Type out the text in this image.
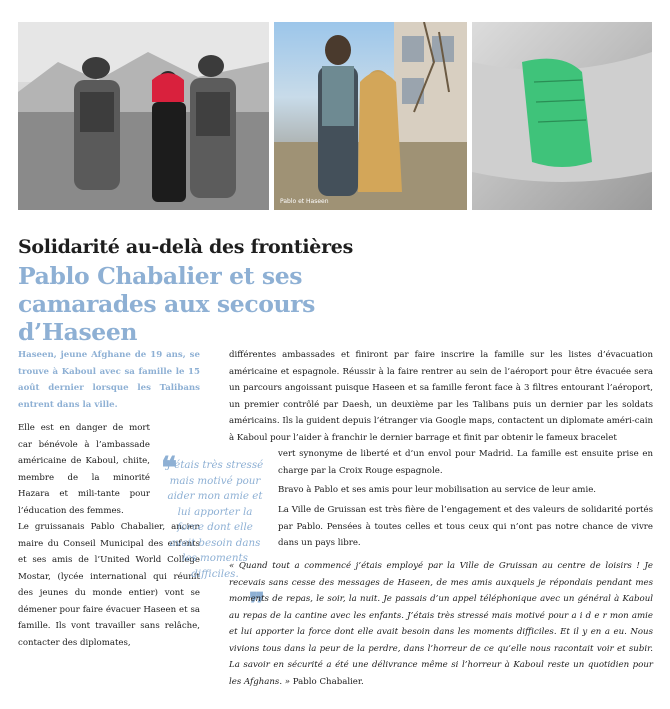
Pablo et Haseen
Solidarité au-delà des frontières
Pablo Chabalier et ses camarades aux secours d’Haseen

Haseen, jeune Afghane de 19 ans, se trouve à Kaboul avec sa famille le 15 août dernier lorsque les Talibans entrent dans la ville.

Elle est en danger de mort car bénévole à l’ambassade américaine de Kaboul, chiite, membre de la minorité Hazara et mili-tante pour l’éducation des femmes.

Le gruissanais Pablo Chabalier, ancien maire du Conseil Municipal des enfants et ses amis de l’United World College Mostar, (lycée international qui réunit des jeunes du monde entier) vont se démener pour faire évacuer Haseen et sa famille. Ils vont travailler sans relâche, contacter des diplomates,

❝

J’étais très stressé mais motivé pour aider mon amie et lui apporter la force dont elle avait besoin dans les moments difficiles.

❞

différentes ambassades et finiront par faire inscrire la famille sur les listes d’évacuation américaine et espagnole. Réussir à la faire rentrer au sein de l’aéroport pour être évacuée sera un parcours angoissant puisque Haseen et sa famille feront face à 3 filtres entourant l’aéroport, un premier contrôlé par Daesh, un deuxième par les Talibans puis un dernier par les soldats américains. Ils la guident depuis l’étranger via Google maps, contactent un diplomate améri-cain à Kaboul pour l’aider à franchir le dernier barrage et finit par obtenir le fameux bracelet

vert synonyme de liberté et d’un envol pour Madrid. La famille est ensuite prise en charge par la Croix Rouge espagnole.

Bravo à Pablo et ses amis pour leur mobilisation au service de leur amie.

La Ville de Gruissan est très fière de l’engagement et des valeurs de solidarité portés par Pablo. Pensées à toutes celles et tous ceux qui n’ont pas notre chance de vivre dans un pays libre.

« Quand tout a commencé j’étais employé par la Ville de Gruissan au centre de loisirs ! Je recevais sans cesse des messages de Haseen, de mes amis auxquels je répondais pendant mes moments de repas, le soir, la nuit. Je passais d’un appel téléphonique avec un général à Kaboul au repas de la cantine avec les enfants. J’étais très stressé mais motivé pour a i d e r mon amie et lui apporter la force dont elle avait besoin dans les moments difficiles. Et il y en a eu. Nous vivions tous dans la peur de la perdre, dans l’horreur de ce qu’elle nous racontait voir et subir. La savoir en sécurité a été une délivrance même si l’horreur à Kaboul reste un quotidien pour les Afghans. » Pablo Chabalier.
